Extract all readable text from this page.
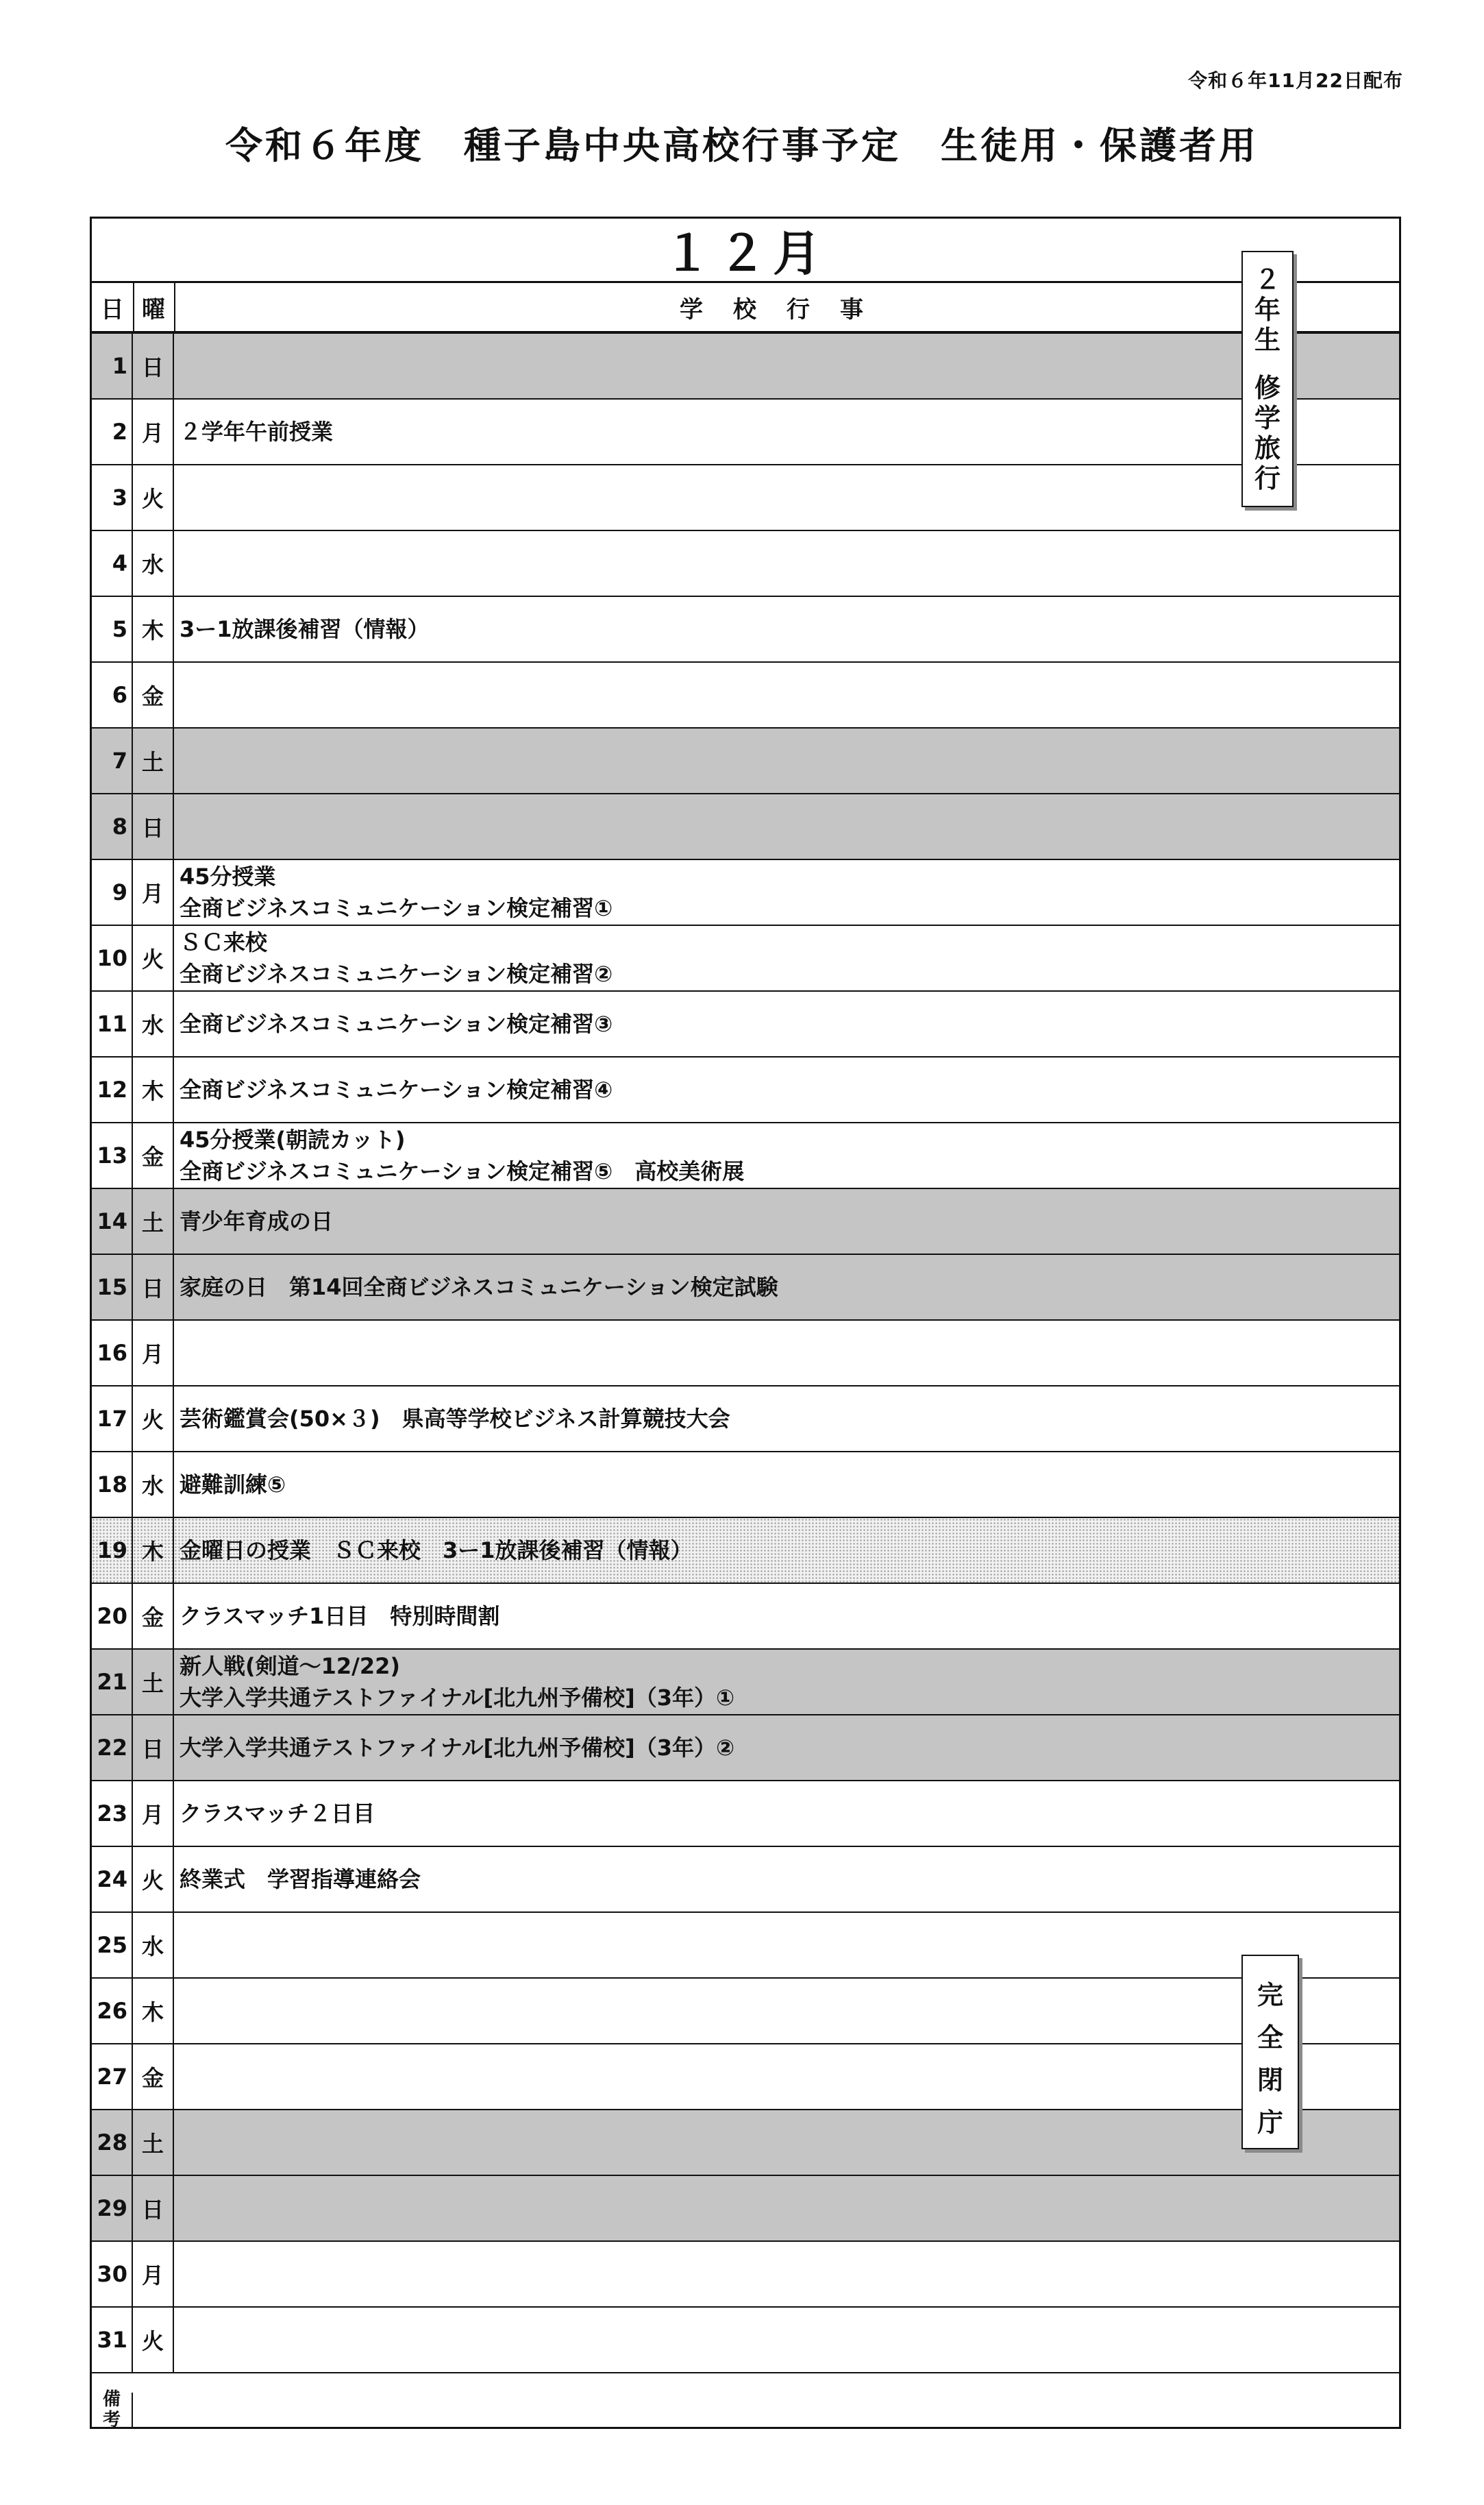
令和６年11月22日配布
令和６年度　種子島中央高校行事予定　生徒用・保護者用
１２月
日 曜	学校行事
1 日
2 月 ２学年午前授業
3 火
4 水
5 木 3ー1放課後補習（情報）
6 金
7 土
8 日
9 月
45分授業
全商ビジネスコミュニケーション検定補習①
10 火
ＳＣ来校
全商ビジネスコミュニケーション検定補習②
11 水 全商ビジネスコミュニケーション検定補習③
12 木 全商ビジネスコミュニケーション検定補習④
13 金
45分授業(朝読カット)
全商ビジネスコミュニケーション検定補習⑤　高校美術展
14 土 青少年育成の日
15 日 家庭の日　第14回全商ビジネスコミュニケーション検定試験
16 月
17 火 芸術鑑賞会(50×３)　県高等学校ビジネス計算競技大会
18 水 避難訓練⑤
19 木 金曜日の授業　ＳＣ来校　3ー1放課後補習（情報）
20 金 クラスマッチ1日目　特別時間割
21 土
新人戦(剣道～12/22)
大学入学共通テストファイナル[北九州予備校]（3年）①
22 日 大学入学共通テストファイナル[北九州予備校]（3年）②
23 月 クラスマッチ２日目
24 火 終業式　学習指導連絡会
25 水
26 木
27 金
28 土
29 日
30 月
31 火
備
考
２
年
生
修
学
旅
行
完
全
閉
庁
